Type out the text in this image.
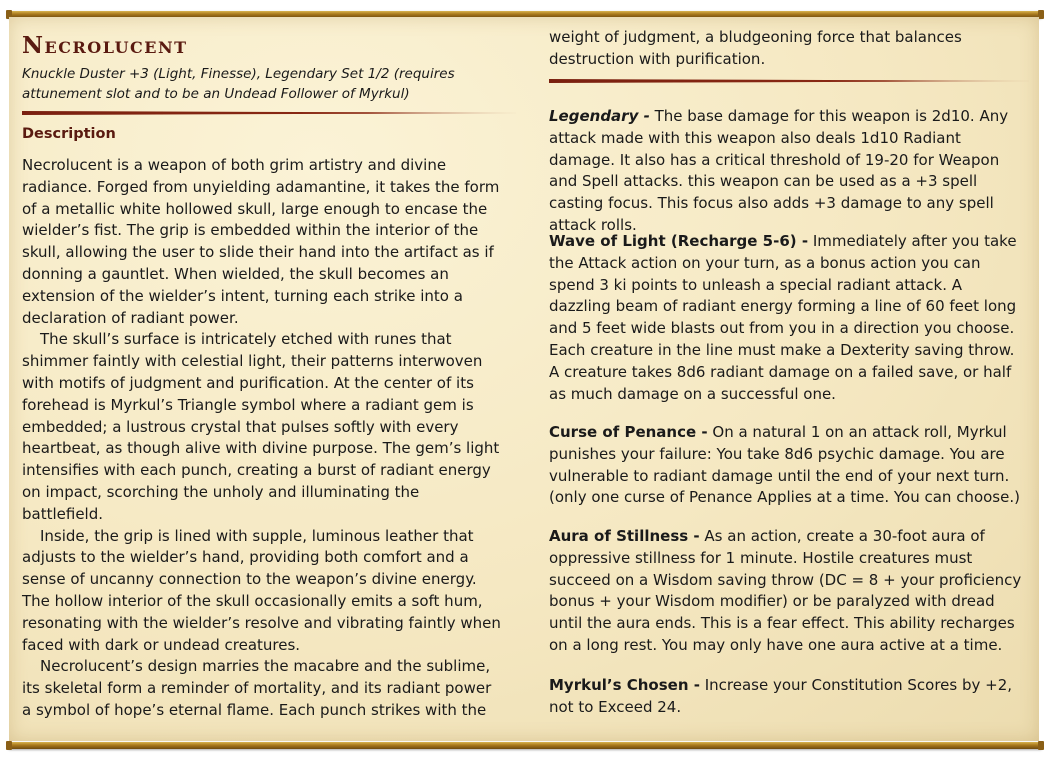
Necrolucent
Knuckle Duster +3 (Light, Finesse), Legendary Set 1/2 (requires attunement slot and to be an Undead Follower of Myrkul)
Description

Necrolucent is a weapon of both grim artistry and divine radiance. Forged from unyielding adamantine, it takes the form of a metallic white hollowed skull, large enough to encase the wielder’s fist. The grip is embedded within the interior of the skull, allowing the user to slide their hand into the artifact as if donning a gauntlet. When wielded, the skull becomes an extension of the wielder’s intent, turning each strike into a declaration of radiant power.

The skull’s surface is intricately etched with runes that shimmer faintly with celestial light, their patterns interwoven with motifs of judgment and purification. At the center of its forehead is Myrkul’s Triangle symbol where a radiant gem is embedded; a lustrous crystal that pulses softly with every heartbeat, as though alive with divine purpose. The gem’s light intensifies with each punch, creating a burst of radiant energy on impact, scorching the unholy and illuminating the battlefield.

Inside, the grip is lined with supple, luminous leather that adjusts to the wielder’s hand, providing both comfort and a sense of uncanny connection to the weapon’s divine energy. The hollow interior of the skull occasionally emits a soft hum, resonating with the wielder’s resolve and vibrating faintly when faced with dark or undead creatures.

Necrolucent’s design marries the macabre and the sublime, its skeletal form a reminder of mortality, and its radiant power a symbol of hope’s eternal flame. Each punch strikes with the

weight of judgment, a bludgeoning force that balances destruction with purification.

Legendary - The base damage for this weapon is 2d10. Any attack made with this weapon also deals 1d10 Radiant damage. It also has a critical threshold of 19-20 for Weapon and Spell attacks. this weapon can be used as a +3 spell casting focus. This focus also adds +3 damage to any spell attack rolls.

Wave of Light (Recharge 5-6) - Immediately after you take the Attack action on your turn, as a bonus action you can spend 3 ki points to unleash a special radiant attack. A dazzling beam of radiant energy forming a line of 60 feet long and 5 feet wide blasts out from you in a direction you choose. Each creature in the line must make a Dexterity saving throw. A creature takes 8d6 radiant damage on a failed save, or half as much damage on a successful one.

Curse of Penance - On a natural 1 on an attack roll, Myrkul punishes your failure: You take 8d6 psychic damage. You are vulnerable to radiant damage until the end of your next turn. (only one curse of Penance Applies at a time. You can choose.)

Aura of Stillness - As an action, create a 30-foot aura of oppressive stillness for 1 minute. Hostile creatures must succeed on a Wisdom saving throw (DC = 8 + your proficiency bonus + your Wisdom modifier) or be paralyzed with dread until the aura ends. This is a fear effect. This ability recharges on a long rest. You may only have one aura active at a time.

Myrkul’s Chosen - Increase your Constitution Scores by +2, not to Exceed 24.
